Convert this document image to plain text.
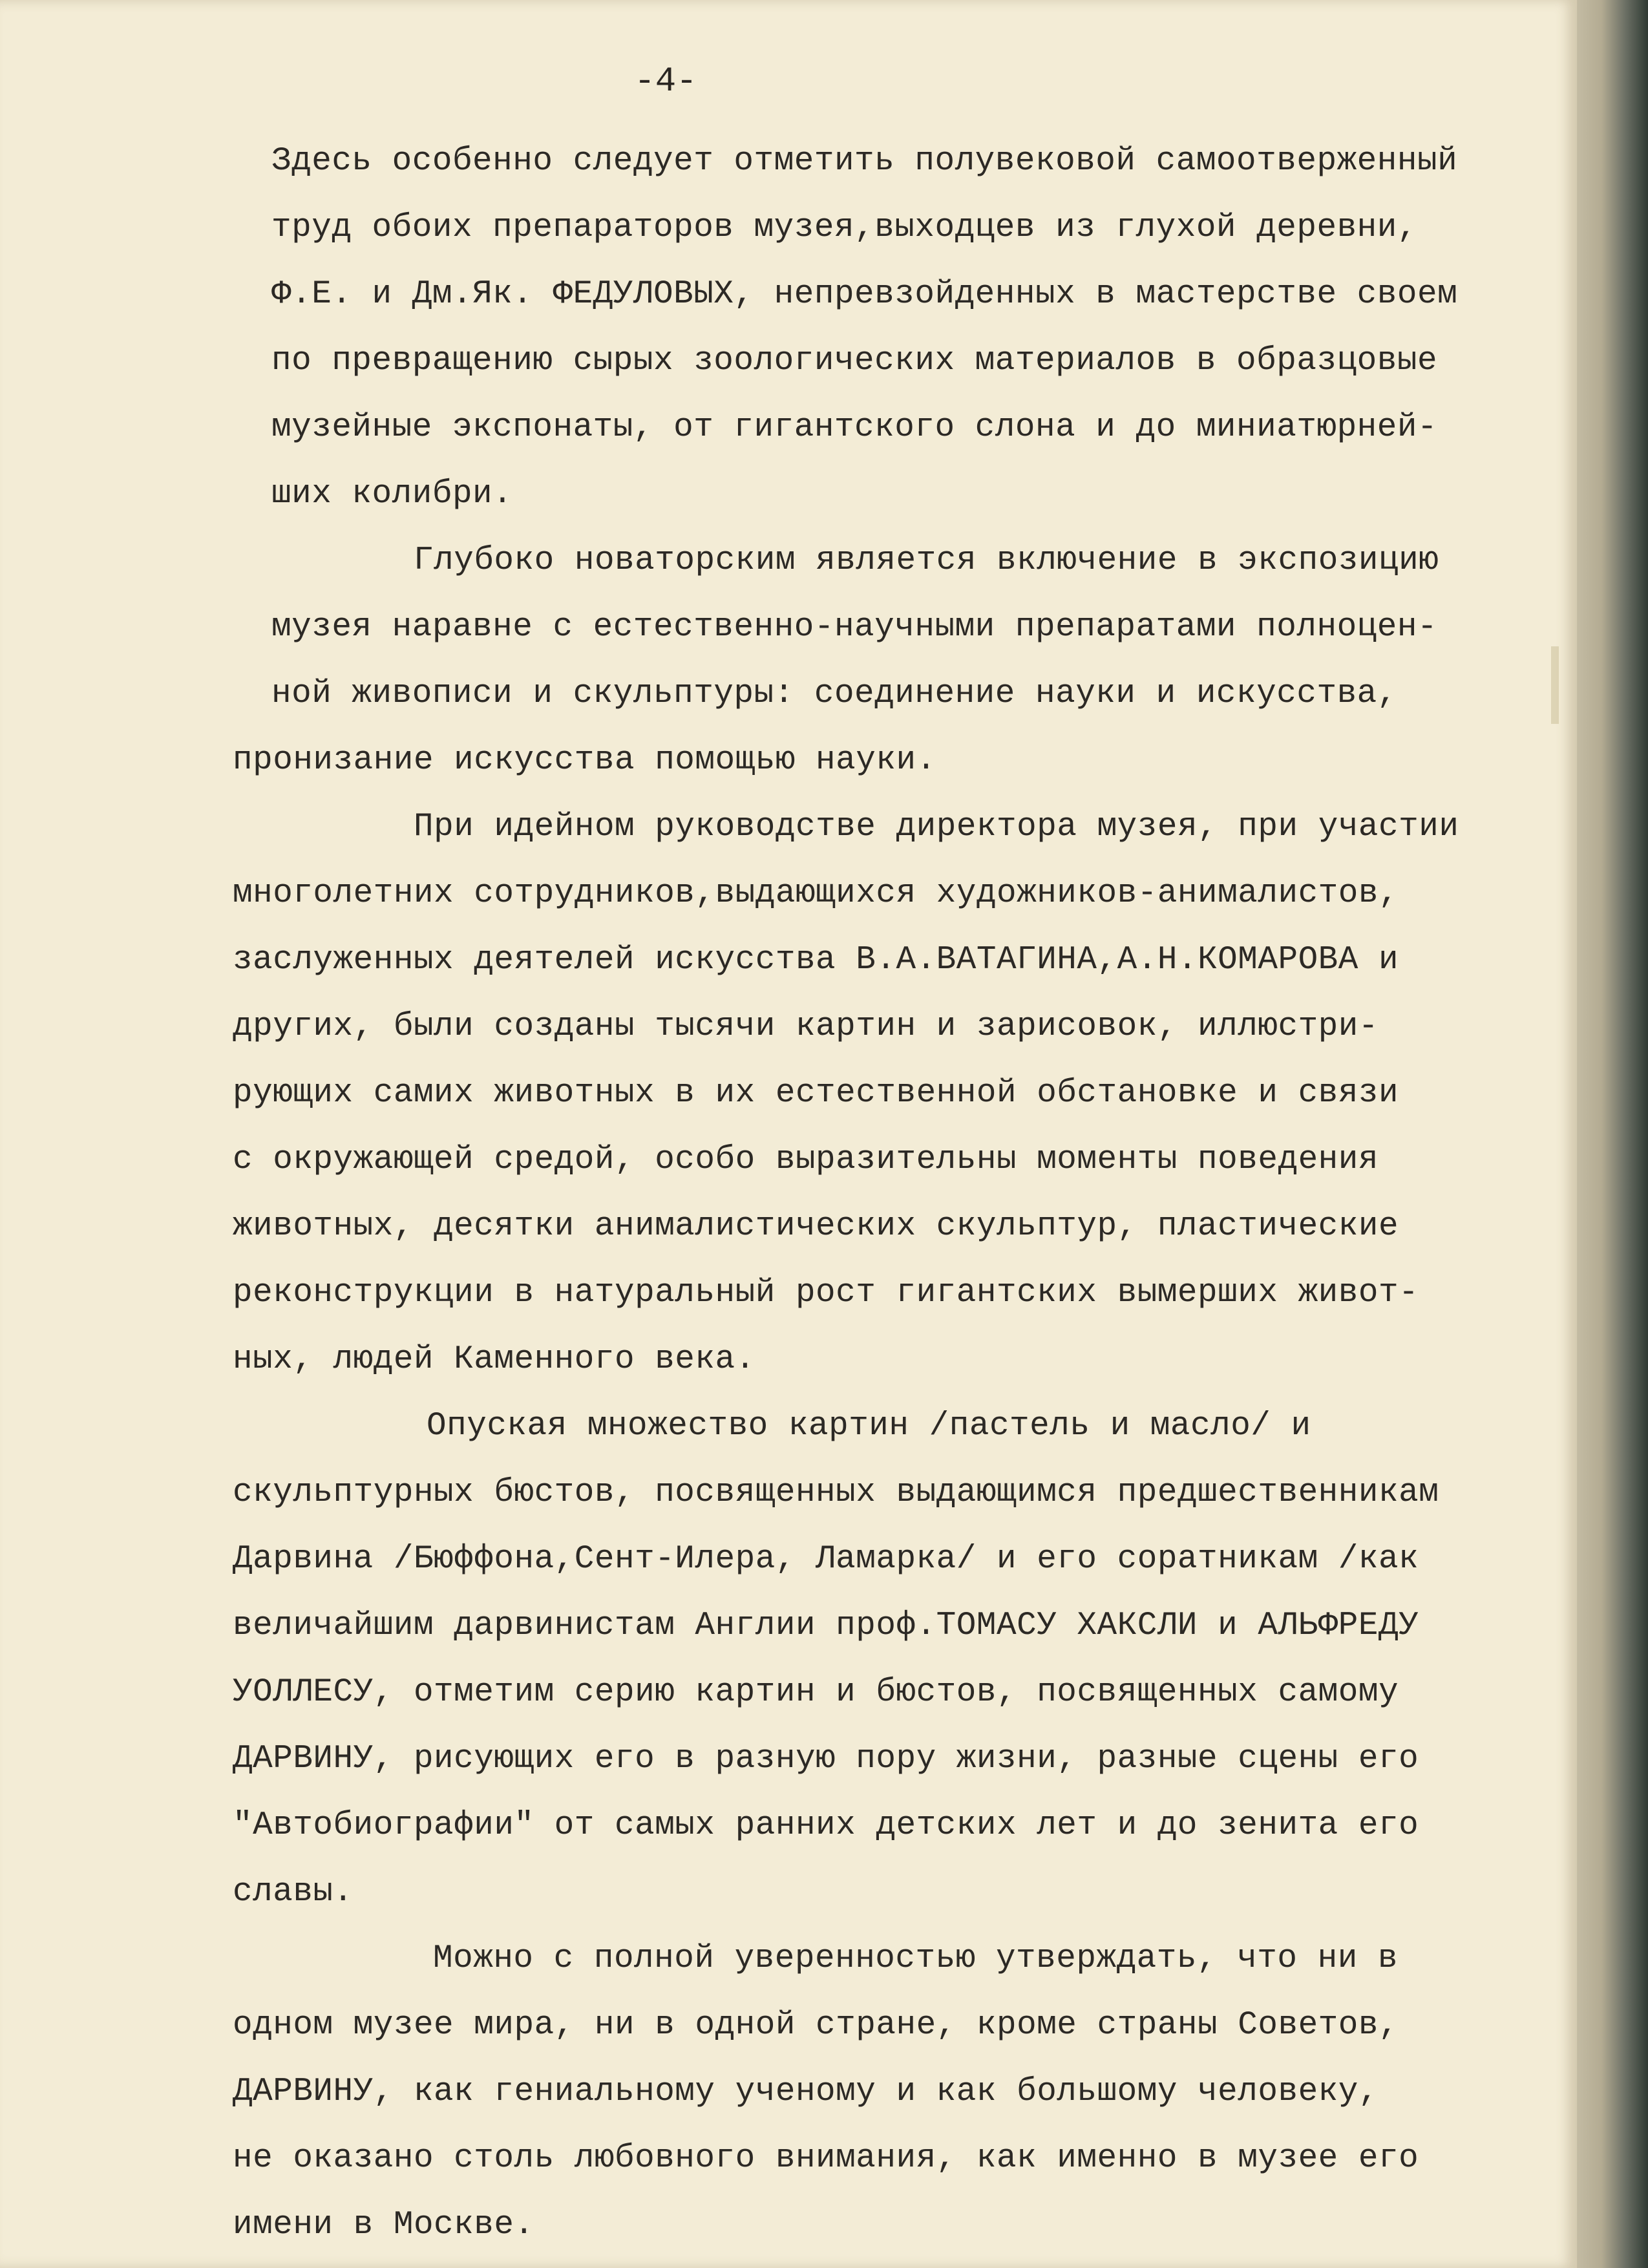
-4-
Здесь особенно следует отметить полувековой самоотверженный
труд обоих препараторов музея,выходцев из глухой деревни,
Ф.Е. и Дм.Як. ФЕДУЛОВЫХ, непревзойденных в мастерстве своем
по превращению сырых зоологических материалов в образцовые
музейные экспонаты, от гигантского слона и до миниатюрней-
ших колибри.
Глубоко новаторским является включение в экспозицию
музея наравне с естественно-научными препаратами полноцен-
ной живописи и скульптуры: соединение науки и искусства,
пронизание искусства помощью науки.
При идейном руководстве директора музея, при участии
многолетних сотрудников,выдающихся художников-анималистов,
заслуженных деятелей искусства В.А.ВАТАГИНА,А.Н.КОМАРОВА и
других, были созданы тысячи картин и зарисовок, иллюстри-
рующих самих животных в их естественной обстановке и связи
с окружающей средой, особо выразительны моменты поведения
животных, десятки анималистических скульптур, пластические
реконструкции в натуральный рост гигантских вымерших живот-
ных, людей Каменного века.
Опуская множество картин /пастель и масло/ и
скульптурных бюстов, посвященных выдающимся предшественникам
Дарвина /Бюффона,Сент-Илера, Ламарка/ и его соратникам /как
величайшим дарвинистам Англии проф.ТОМАСУ ХАКСЛИ и АЛЬФРЕДУ
УОЛЛЕСУ, отметим серию картин и бюстов, посвященных самому
ДАРВИНУ, рисующих его в разную пору жизни, разные сцены его
"Автобиографии" от самых ранних детских лет и до зенита его
славы.
Можно с полной уверенностью утверждать, что ни в
одном музее мира, ни в одной стране, кроме страны Советов,
ДАРВИНУ, как гениальному ученому и как большому человеку,
не оказано столь любовного внимания, как именно в музее его
имени в Москве.
